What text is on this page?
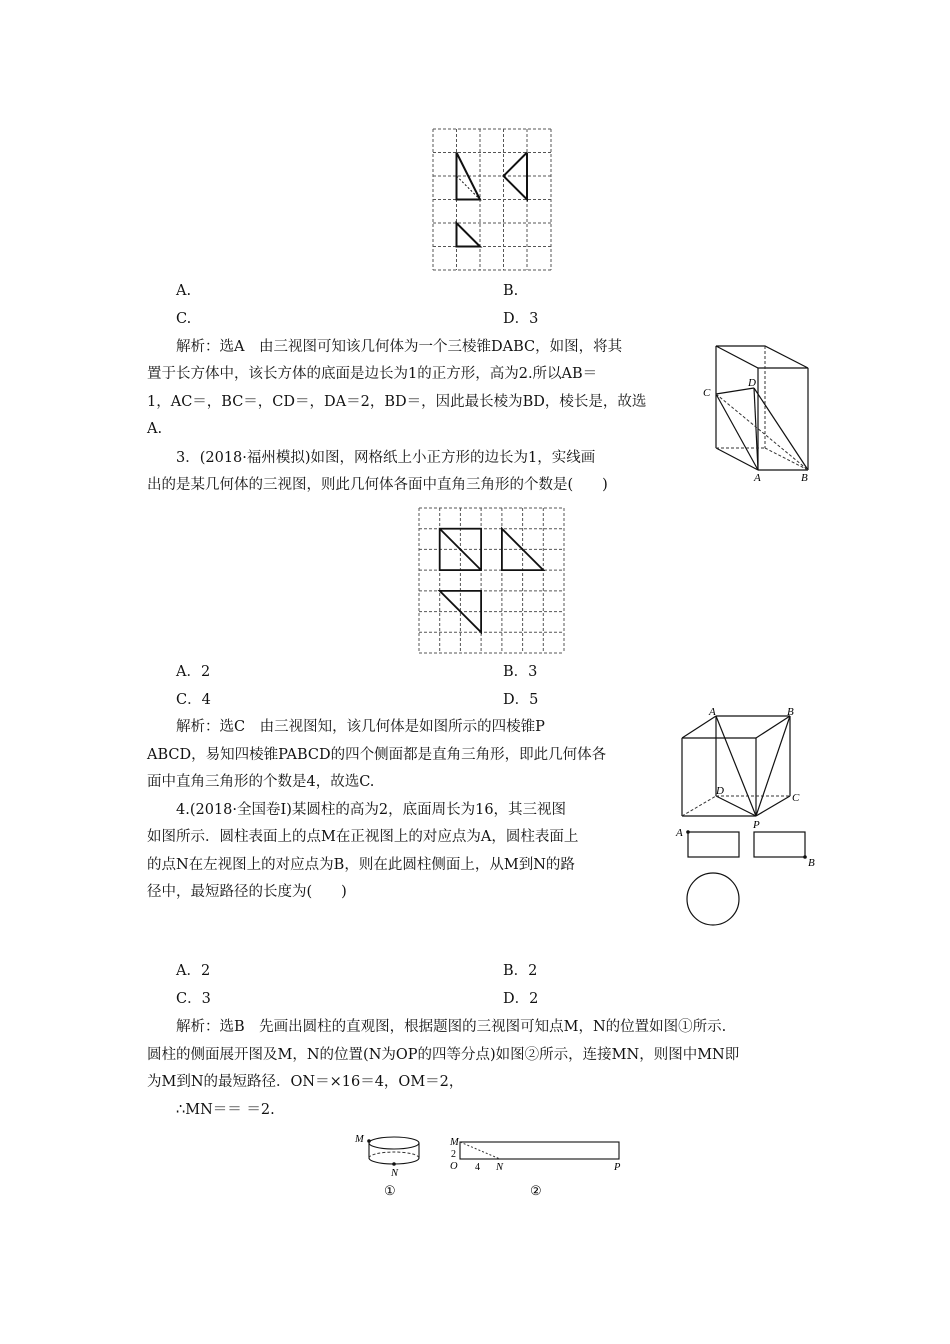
A.	B.
C.	D．3
解析：选A　由三视图可知该几何体为一个三棱锥DABC，如图，将其
置于长方体中，该长方体的底面是边长为1的正方形，高为2.所以AB＝
1，AC＝，BC＝，CD＝，DA＝2，BD＝，因此最长棱为BD，棱长是，故选
A.
C
D
A	B
3．(2018·福州模拟)如图，网格纸上小正方形的边长为1，实线画
出的是某几何体的三视图，则此几何体各面中直角三角形的个数是(　　)
A．2	B．3
C．4	D．5
解析：选C　由三视图知，该几何体是如图所示的四棱锥P
ABCD，易知四棱锥PABCD的四个侧面都是直角三角形，即此几何体各
面中直角三角形的个数是4，故选C.
A	B
D
C
P
4.(2018·全国卷Ⅰ)某圆柱的高为2，底面周长为16，其三视图
如图所示．圆柱表面上的点M在正视图上的对应点为A，圆柱表面上
的点N在左视图上的对应点为B，则在此圆柱侧面上，从M到N的路
径中，最短路径的长度为(　　)
A
B
A．2	B．2
C．3	D．2
解析：选B　先画出圆柱的直观图，根据题图的三视图可知点M，N的位置如图①所示.
圆柱的侧面展开图及M，N的位置(N为OP的四等分点)如图②所示，连接MN，则图中MN即
为M到N的最短路径．ON＝×16＝4，OM＝2，
∴MN＝＝ ＝2.
M
N
①
M
2
O 4 N	P
②
